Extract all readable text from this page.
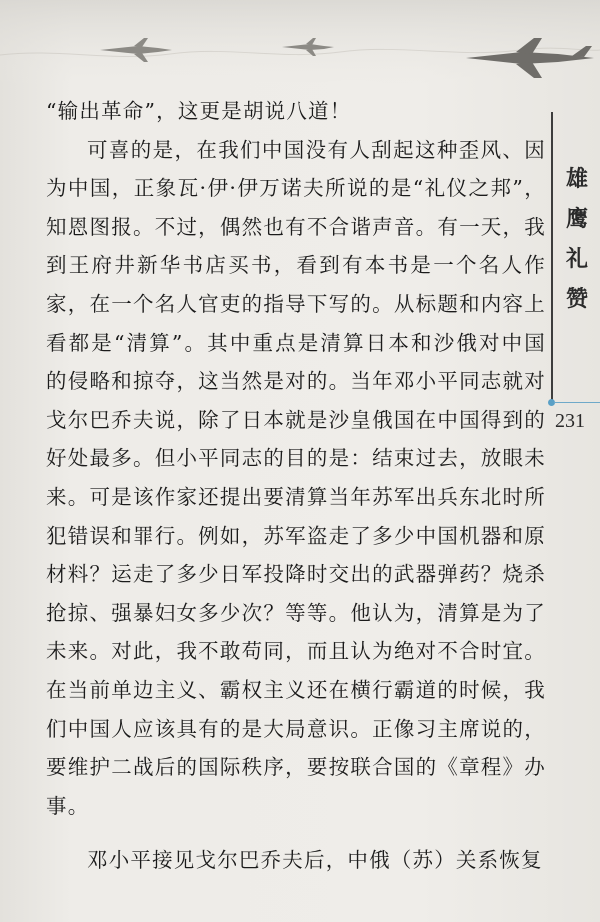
“输出革命”，这更是胡说八道！

可喜的是，在我们中国没有人刮起这种歪风、因为中国，正象瓦·伊·伊万诺夫所说的是“礼仪之邦”，知恩图报。不过，偶然也有不合谐声音。有一天，我到王府井新华书店买书，看到有本书是一个名人作家，在一个名人官吏的指导下写的。从标题和内容上看都是“清算”。其中重点是清算日本和沙俄对中国的侵略和掠夺，这当然是对的。当年邓小平同志就对戈尔巴乔夫说，除了日本就是沙皇俄国在中国得到的好处最多。但小平同志的目的是：结束过去，放眼未来。可是该作家还提出要清算当年苏军出兵东北时所犯错误和罪行。例如，苏军盗走了多少中国机器和原材料？运走了多少日军投降时交出的武器弹药？烧杀抢掠、强暴妇女多少次？等等。他认为，清算是为了未来。对此，我不敢苟同，而且认为绝对不合时宜。在当前单边主义、霸权主义还在横行霸道的时候，我们中国人应该具有的是大局意识。正像习主席说的，要维护二战后的国际秩序，要按联合国的《章程》办事。

邓小平接见戈尔巴乔夫后，中俄（苏）关系恢复

雄
鹰
礼
赞
231
